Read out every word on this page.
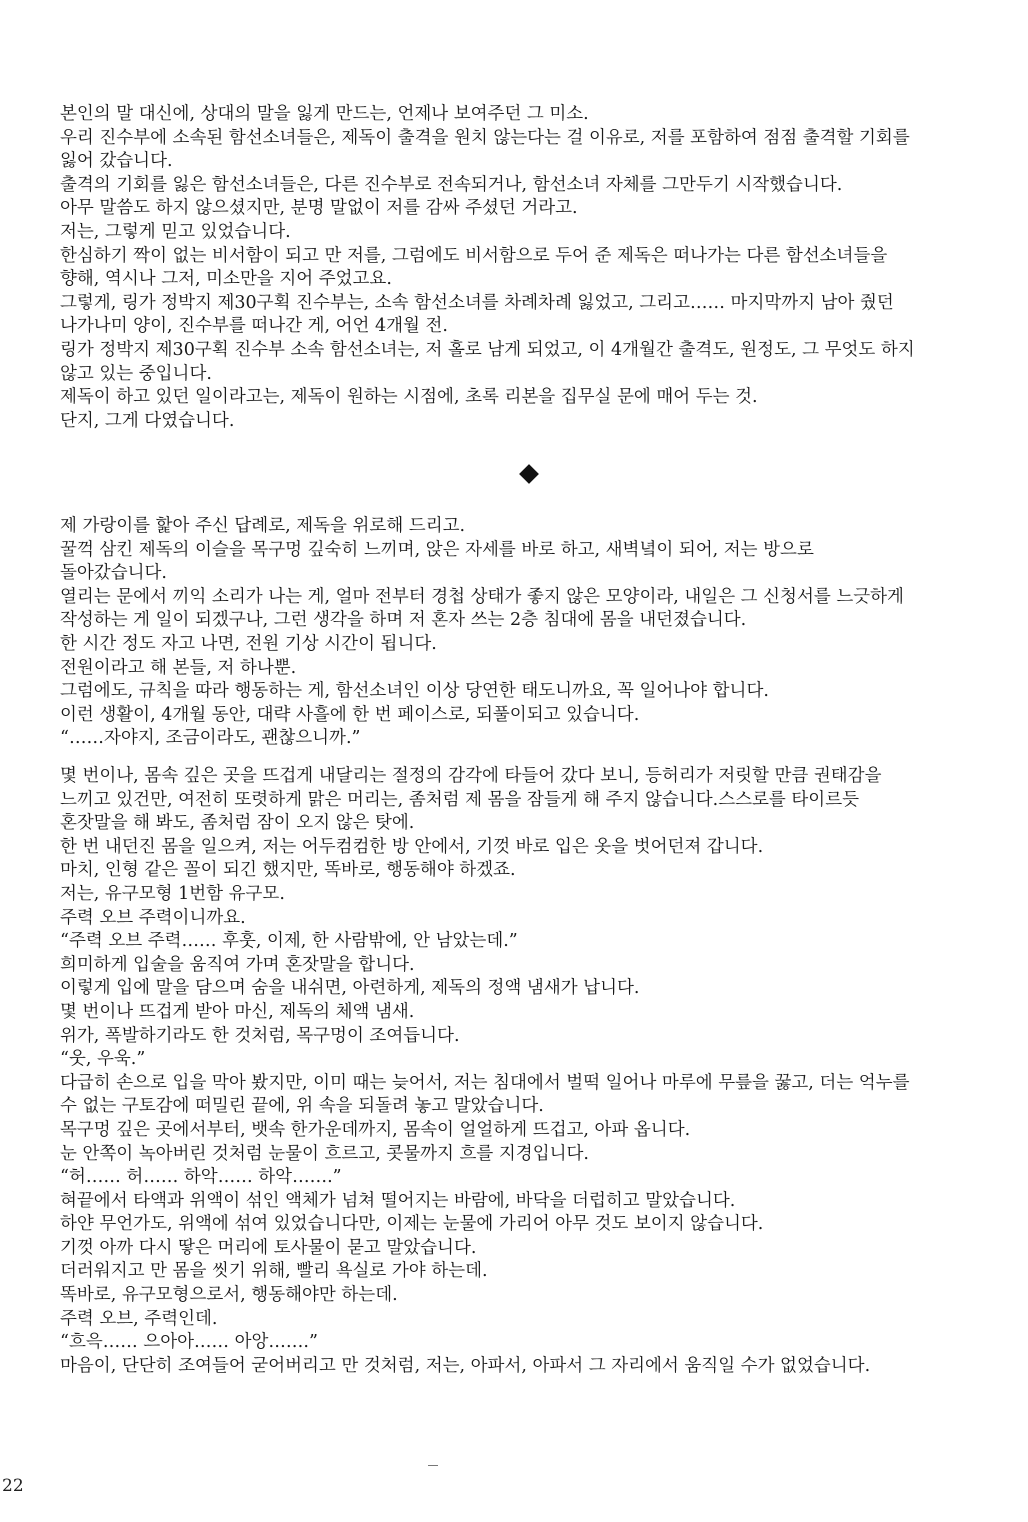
본인의 말 대신에, 상대의 말을 잃게 만드는, 언제나 보여주던 그 미소.
우리 진수부에 소속된 함선소녀들은, 제독이 출격을 원치 않는다는 걸 이유로, 저를 포함하여 점점 출격할 기회를
잃어 갔습니다.
출격의 기회를 잃은 함선소녀들은, 다른 진수부로 전속되거나, 함선소녀 자체를 그만두기 시작했습니다.
아무 말씀도 하지 않으셨지만, 분명 말없이 저를 감싸 주셨던 거라고.
저는, 그렇게 믿고 있었습니다.
한심하기 짝이 없는 비서함이 되고 만 저를, 그럼에도 비서함으로 두어 준 제독은 떠나가는 다른 함선소녀들을
향해, 역시나 그저, 미소만을 지어 주었고요.
그렇게, 링가 정박지 제30구획 진수부는, 소속 함선소녀를 차례차례 잃었고, 그리고…… 마지막까지 남아 줬던
나가나미 양이, 진수부를 떠나간 게, 어언 4개월 전.
링가 정박지 제30구획 진수부 소속 함선소녀는, 저 홀로 남게 되었고, 이 4개월간 출격도, 원정도, 그 무엇도 하지
않고 있는 중입니다.
제독이 하고 있던 일이라고는, 제독이 원하는 시점에, 초록 리본을 집무실 문에 매어 두는 것.
단지, 그게 다였습니다.
제 가랑이를 핥아 주신 답례로, 제독을 위로해 드리고.
꿀꺽 삼킨 제독의 이슬을 목구멍 깊숙히 느끼며, 앉은 자세를 바로 하고, 새벽녘이 되어, 저는 방으로
돌아갔습니다.
열리는 문에서 끼익 소리가 나는 게, 얼마 전부터 경첩 상태가 좋지 않은 모양이라, 내일은 그 신청서를 느긋하게
작성하는 게 일이 되겠구나, 그런 생각을 하며 저 혼자 쓰는 2층 침대에 몸을 내던졌습니다.
한 시간 정도 자고 나면, 전원 기상 시간이 됩니다.
전원이라고 해 본들, 저 하나뿐.
그럼에도, 규칙을 따라 행동하는 게, 함선소녀인 이상 당연한 태도니까요, 꼭 일어나야 합니다.
이런 생활이, 4개월 동안, 대략 사흘에 한 번 페이스로, 되풀이되고 있습니다.
“……자야지, 조금이라도, 괜찮으니까.”
몇 번이나, 몸속 깊은 곳을 뜨겁게 내달리는 절정의 감각에 타들어 갔다 보니, 등허리가 저릿할 만큼 권태감을
느끼고 있건만, 여전히 또렷하게 맑은 머리는, 좀처럼 제 몸을 잠들게 해 주지 않습니다.스스로를 타이르듯
혼잣말을 해 봐도, 좀처럼 잠이 오지 않은 탓에.
한 번 내던진 몸을 일으켜, 저는 어두컴컴한 방 안에서, 기껏 바로 입은 옷을 벗어던져 갑니다.
마치, 인형 같은 꼴이 되긴 했지만, 똑바로, 행동해야 하겠죠.
저는, 유구모형 1번함 유구모.
주력 오브 주력이니까요.
“주력 오브 주력…… 후훗, 이제, 한 사람밖에, 안 남았는데.”
희미하게 입술을 움직여 가며 혼잣말을 합니다.
이렇게 입에 말을 담으며 숨을 내쉬면, 아련하게, 제독의 정액 냄새가 납니다.
몇 번이나 뜨겁게 받아 마신, 제독의 체액 냄새.
위가, 폭발하기라도 한 것처럼, 목구멍이 조여듭니다.
“웃, 우욱.”
다급히 손으로 입을 막아 봤지만, 이미 때는 늦어서, 저는 침대에서 벌떡 일어나 마루에 무릎을 꿇고, 더는 억누를
수 없는 구토감에 떠밀린 끝에, 위 속을 되돌려 놓고 말았습니다.
목구멍 깊은 곳에서부터, 뱃속 한가운데까지, 몸속이 얼얼하게 뜨겁고, 아파 옵니다.
눈 안쪽이 녹아버린 것처럼 눈물이 흐르고, 콧물까지 흐를 지경입니다.
“허…… 허…… 하악…… 하악…….”
혀끝에서 타액과 위액이 섞인 액체가 넘쳐 떨어지는 바람에, 바닥을 더럽히고 말았습니다.
하얀 무언가도, 위액에 섞여 있었습니다만, 이제는 눈물에 가리어 아무 것도 보이지 않습니다.
기껏 아까 다시 땋은 머리에 토사물이 묻고 말았습니다.
더러워지고 만 몸을 씻기 위해, 빨리 욕실로 가야 하는데.
똑바로, 유구모형으로서, 행동해야만 하는데.
주력 오브, 주력인데.
“흐윽…… 으아아…… 아앙…….”
마음이, 단단히 조여들어 굳어버리고 만 것처럼, 저는, 아파서, 아파서 그 자리에서 움직일 수가 없었습니다.
22
